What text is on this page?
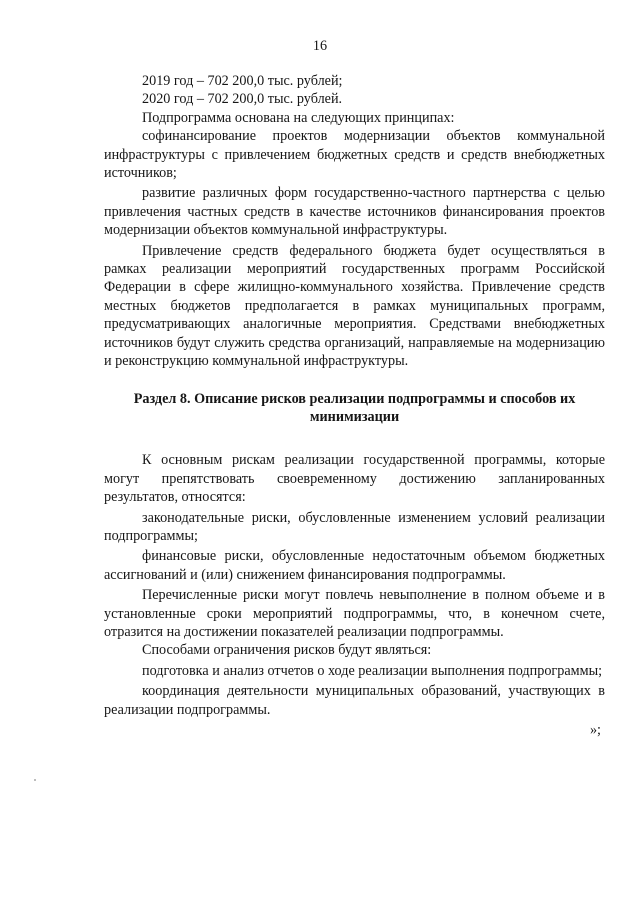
16

2019 год – 702 200,0 тыс. рублей;

2020 год – 702 200,0 тыс. рублей.

Подпрограмма основана на следующих принципах:

софинансирование проектов модернизации объектов коммунальной инфраструктуры с привлечением бюджетных средств и средств внебюджетных источников;

развитие различных форм государственно-частного партнерства с целью привлечения частных средств в качестве источников финансирования проектов модернизации объектов коммунальной инфраструктуры.

Привлечение средств федерального бюджета будет осуществляться в рамках реализации мероприятий государственных программ Российской Федерации в сфере жилищно-коммунального хозяйства. Привлечение средств местных бюджетов предполагается в рамках муниципальных программ, предусматривающих аналогичные мероприятия. Средствами внебюджетных источников будут служить средства организаций, направляемые на модернизацию и реконструкцию коммунальной инфраструктуры.

Раздел 8. Описание рисков реализации подпрограммы и способов их минимизации

К основным рискам реализации государственной программы, которые могут препятствовать своевременному достижению запланированных результатов, относятся:

законодательные риски, обусловленные изменением условий реализации подпрограммы;

финансовые риски, обусловленные недостаточным объемом бюджетных ассигнований и (или) снижением финансирования подпрограммы.

Перечисленные риски могут повлечь невыполнение в полном объеме и в установленные сроки мероприятий подпрограммы, что, в конечном счете, отразится на достижении показателей реализации подпрограммы.

Способами ограничения рисков будут являться:

подготовка и анализ отчетов о ходе реализации выполнения подпрограммы;

координация деятельности муниципальных образований, участвующих в реализации подпрограммы.

»;
